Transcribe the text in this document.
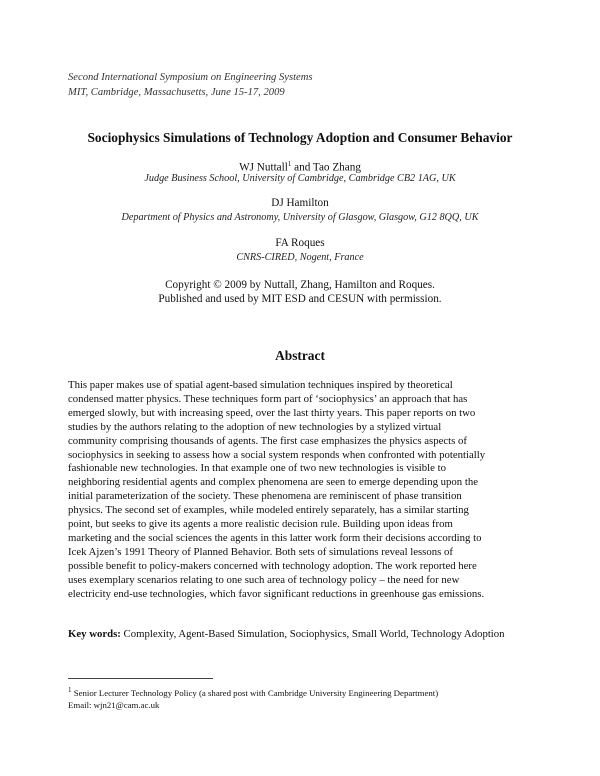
Second International Symposium on Engineering Systems
MIT, Cambridge, Massachusetts, June 15-17, 2009
Sociophysics Simulations of Technology Adoption and Consumer Behavior
WJ Nuttall$^1$ and Tao Zhang
Judge Business School, University of Cambridge, Cambridge CB2 1AG, UK
DJ Hamilton
Department of Physics and Astronomy, University of Glasgow, Glasgow, G12 8QQ, UK
FA Roques
CNRS-CIRED, Nogent, France
Copyright © 2009 by Nuttall, Zhang, Hamilton and Roques.
Published and used by MIT ESD and CESUN with permission.
Abstract
This paper makes use of spatial agent-based simulation techniques inspired by theoretical
condensed matter physics. These techniques form part of ‘sociophysics’ an approach that has
emerged slowly, but with increasing speed, over the last thirty years. This paper reports on two
studies by the authors relating to the adoption of new technologies by a stylized virtual
community comprising thousands of agents. The first case emphasizes the physics aspects of
sociophysics in seeking to assess how a social system responds when confronted with potentially
fashionable new technologies. In that example one of two new technologies is visible to
neighboring residential agents and complex phenomena are seen to emerge depending upon the
initial parameterization of the society. These phenomena are reminiscent of phase transition
physics. The second set of examples, while modeled entirely separately, has a similar starting
point, but seeks to give its agents a more realistic decision rule. Building upon ideas from
marketing and the social sciences the agents in this latter work form their decisions according to
Icek Ajzen’s 1991 Theory of Planned Behavior. Both sets of simulations reveal lessons of
possible benefit to policy-makers concerned with technology adoption. The work reported here
uses exemplary scenarios relating to one such area of technology policy – the need for new
electricity end-use technologies, which favor significant reductions in greenhouse gas emissions.
Key words: Complexity, Agent-Based Simulation, Sociophysics, Small World, Technology Adoption
$^1$ Senior Lecturer Technology Policy (a shared post with Cambridge University Engineering Department)
Email: wjn21@cam.ac.uk
